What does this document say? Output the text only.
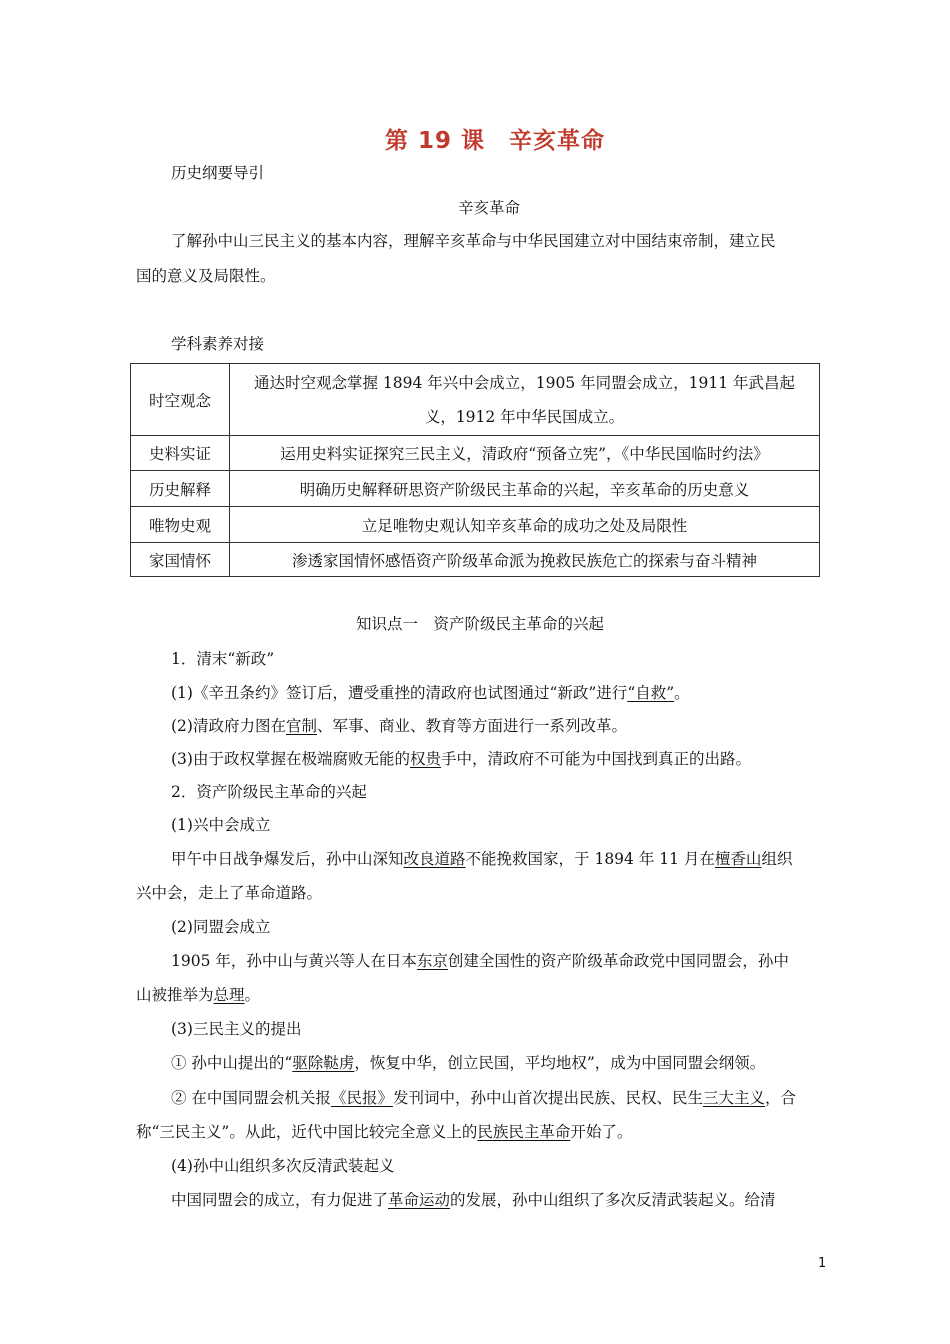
第 19 课　辛亥革命
历史纲要导引
辛亥革命
了解孙中山三民主义的基本内容，理解辛亥革命与中华民国建立对中国结束帝制，建立民
国的意义及局限性。
学科素养对接
时空观念	通达时空观念掌握 1894 年兴中会成立，1905 年同盟会成立，1911 年武昌起
义，1912 年中华民国成立。

史料实证	运用史料实证探究三民主义，清政府“预备立宪”，《中华民国临时约法》
历史解释	明确历史解释研思资产阶级民主革命的兴起，辛亥革命的历史意义
唯物史观	立足唯物史观认知辛亥革命的成功之处及局限性
家国情怀	渗透家国情怀感悟资产阶级革命派为挽救民族危亡的探索与奋斗精神
知识点一　资产阶级民主革命的兴起
1．清末“新政”
(1)《辛丑条约》签订后，遭受重挫的清政府也试图通过“新政”进行“自救”。
(2)清政府力图在官制、军事、商业、教育等方面进行一系列改革。
(3)由于政权掌握在极端腐败无能的权贵手中，清政府不可能为中国找到真正的出路。
2．资产阶级民主革命的兴起
(1)兴中会成立
甲午中日战争爆发后，孙中山深知改良道路不能挽救国家，于 1894 年 11 月在檀香山组织
兴中会，走上了革命道路。
(2)同盟会成立
1905 年，孙中山与黄兴等人在日本东京创建全国性的资产阶级革命政党中国同盟会，孙中
山被推举为总理。
(3)三民主义的提出
① 孙中山提出的“驱除鞑虏，恢复中华，创立民国，平均地权”，成为中国同盟会纲领。
② 在中国同盟会机关报《民报》发刊词中，孙中山首次提出民族、民权、民生三大主义，合
称“三民主义”。从此，近代中国比较完全意义上的民族民主革命开始了。
(4)孙中山组织多次反清武装起义
中国同盟会的成立，有力促进了革命运动的发展，孙中山组织了多次反清武装起义。给清
1
